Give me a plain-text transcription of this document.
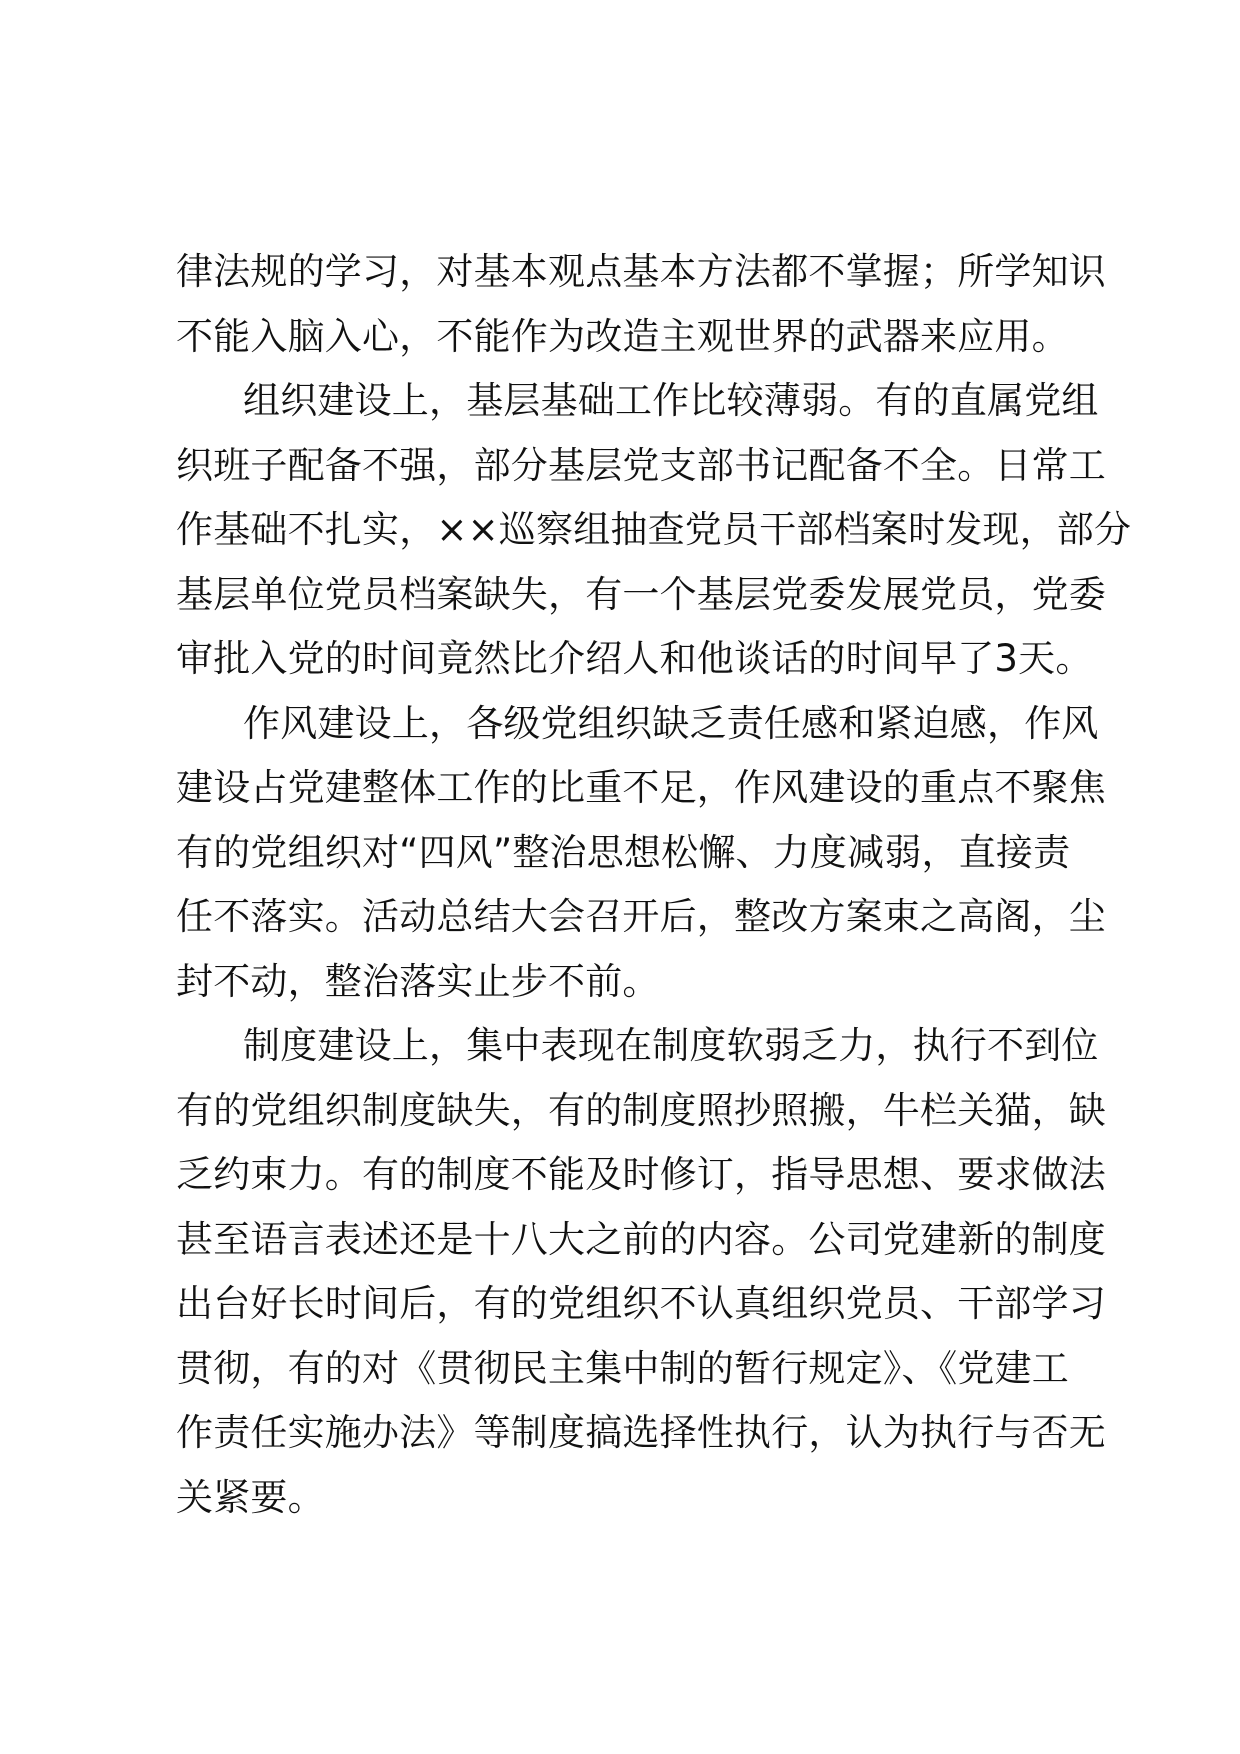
律法规的学习，对基本观点基本方法都不掌握；所学知识
不能入脑入心，不能作为改造主观世界的武器来应用。
组织建设上，基层基础工作比较薄弱。有的直属党组
织班子配备不强，部分基层党支部书记配备不全。日常工
作基础不扎实，××巡察组抽查党员干部档案时发现，部分
基层单位党员档案缺失，有一个基层党委发展党员，党委
审批入党的时间竟然比介绍人和他谈话的时间早了3天。
作风建设上，各级党组织缺乏责任感和紧迫感，作风
建设占党建整体工作的比重不足，作风建设的重点不聚焦
有的党组织对“四风”整治思想松懈、力度减弱，直接责
任不落实。活动总结大会召开后，整改方案束之高阁，尘
封不动，整治落实止步不前。
制度建设上，集中表现在制度软弱乏力，执行不到位
有的党组织制度缺失，有的制度照抄照搬，牛栏关猫，缺
乏约束力。有的制度不能及时修订，指导思想、要求做法
甚至语言表述还是十八大之前的内容。公司党建新的制度
出台好长时间后，有的党组织不认真组织党员、干部学习
贯彻，有的对《贯彻民主集中制的暂行规定》、《党建工
作责任实施办法》等制度搞选择性执行，认为执行与否无
关紧要。
